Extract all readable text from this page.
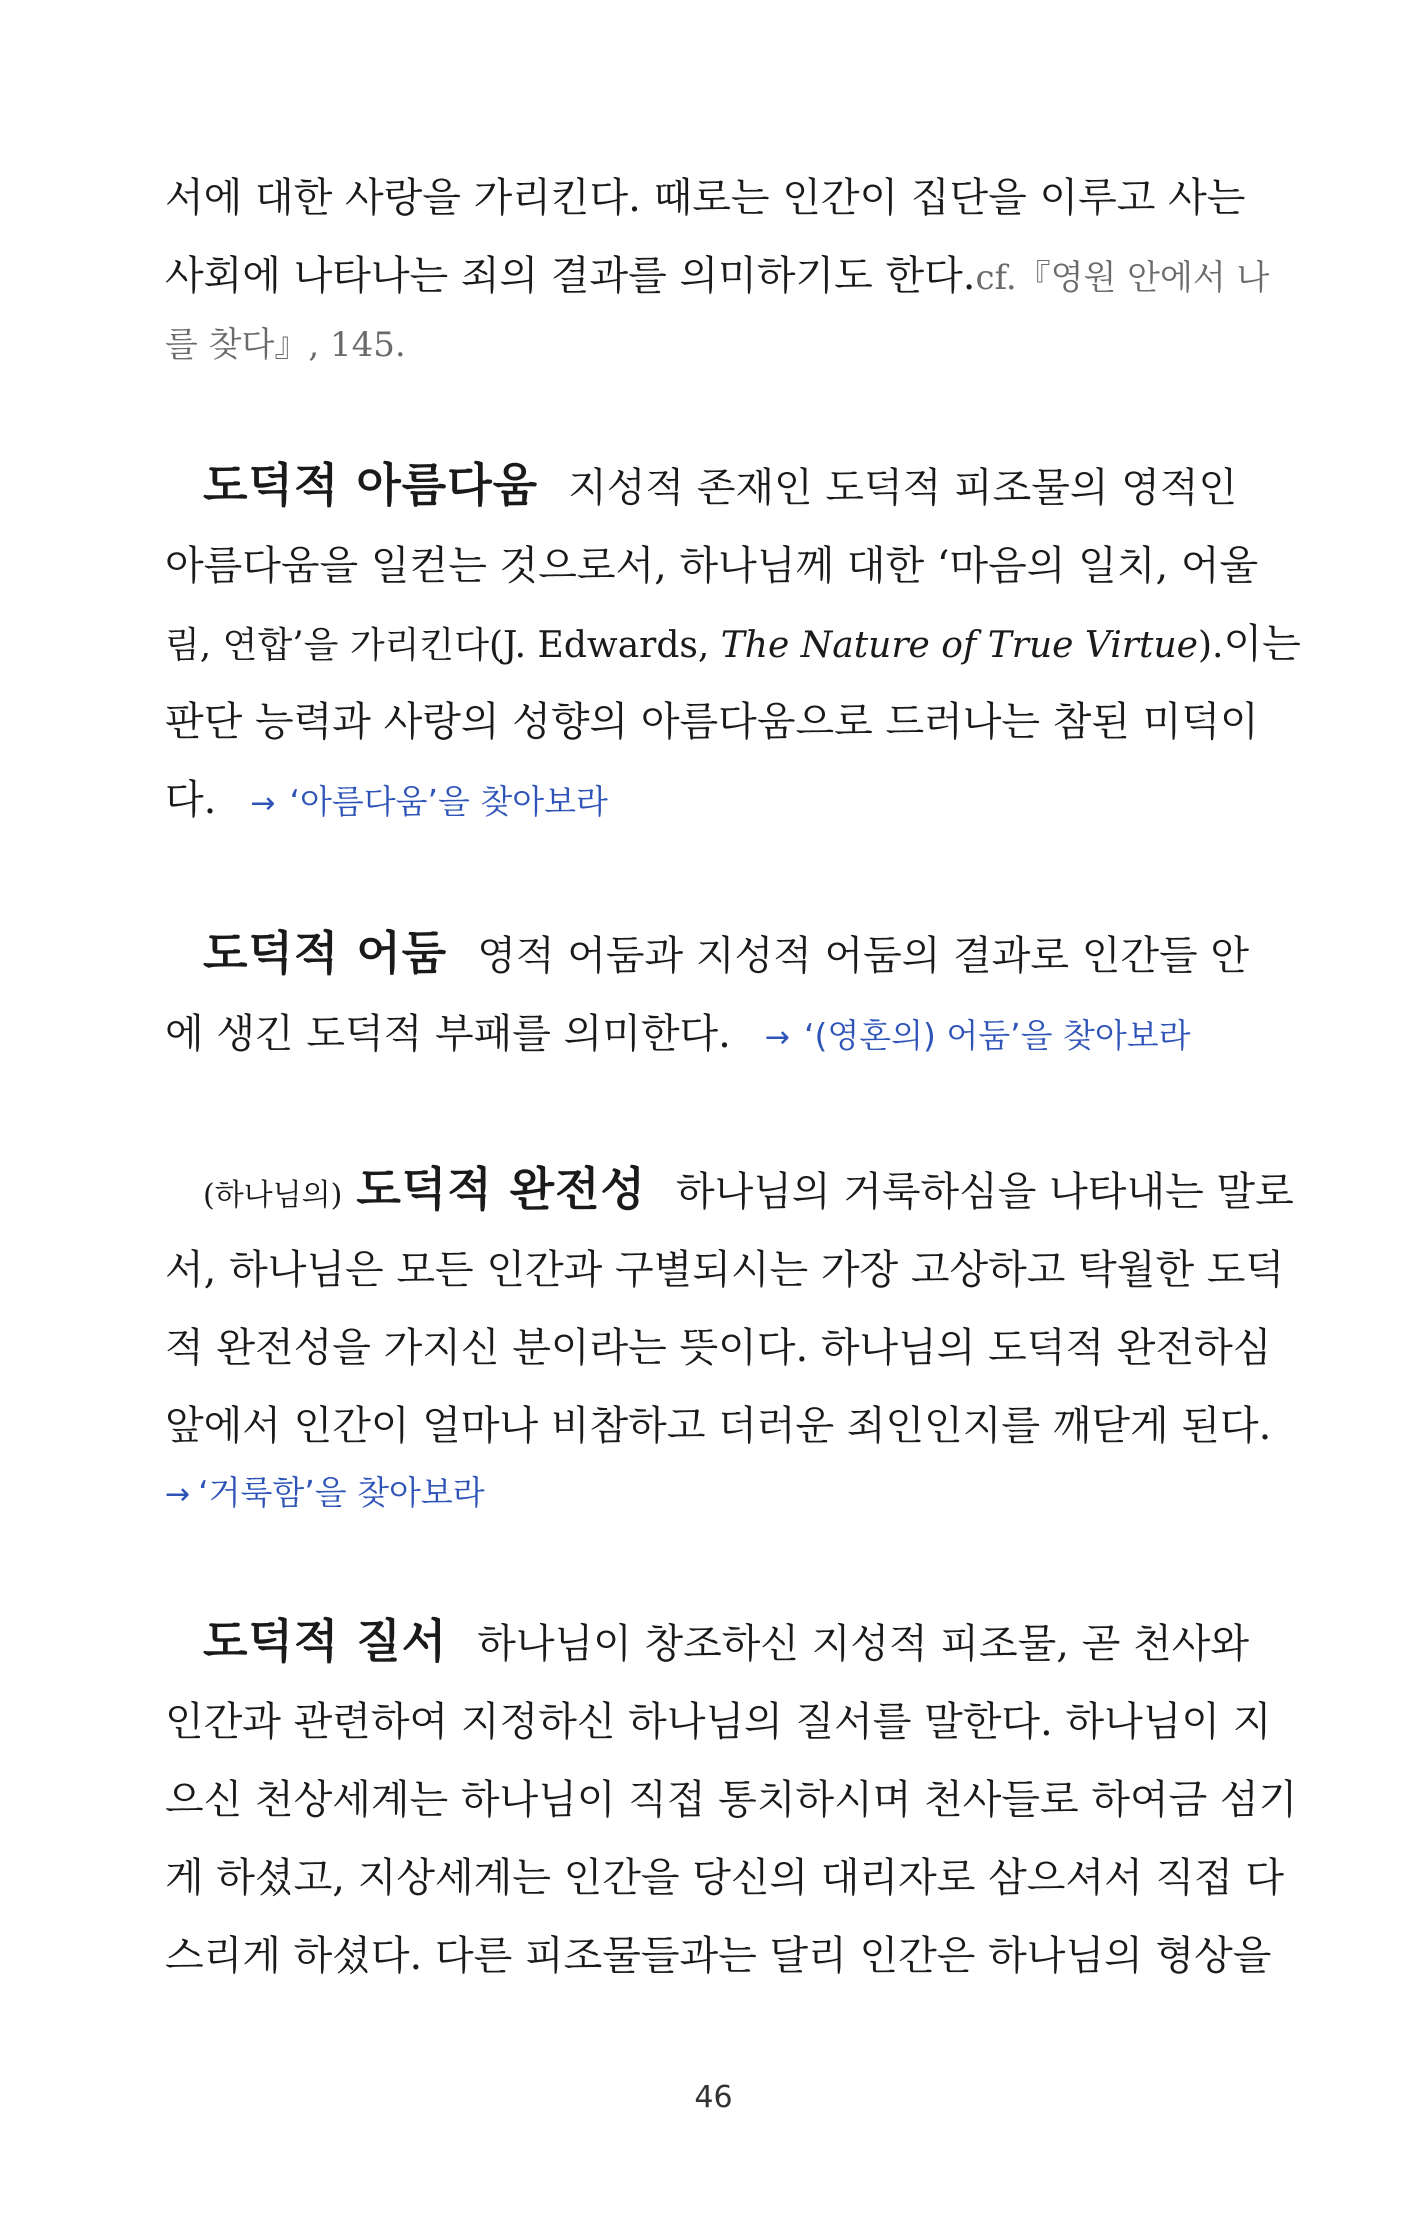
서에 대한 사랑을 가리킨다. 때로는 인간이 집단을 이루고 사는
사회에 나타나는 죄의 결과를 의미하기도 한다. cf.『영원 안에서 나
를 찾다』, 145.
도덕적 아름다움 지성적 존재인 도덕적 피조물의 영적인
아름다움을 일컫는 것으로서, 하나님께 대한 ‘마음의 일치, 어울
림, 연합’을 가리킨다(J. Edwards, The Nature of True Virtue). 이는
판단 능력과 사랑의 성향의 아름다움으로 드러나는 참된 미덕이
다. → ‘아름다움’을 찾아보라
도덕적 어둠 영적 어둠과 지성적 어둠의 결과로 인간들 안
에 생긴 도덕적 부패를 의미한다. → ‘(영혼의) 어둠’을 찾아보라
(하나님의) 도덕적 완전성 하나님의 거룩하심을 나타내는 말로
서, 하나님은 모든 인간과 구별되시는 가장 고상하고 탁월한 도덕
적 완전성을 가지신 분이라는 뜻이다. 하나님의 도덕적 완전하심
앞에서 인간이 얼마나 비참하고 더러운 죄인인지를 깨닫게 된다.
→ ‘거룩함’을 찾아보라
도덕적 질서 하나님이 창조하신 지성적 피조물, 곧 천사와
인간과 관련하여 지정하신 하나님의 질서를 말한다. 하나님이 지
으신 천상세계는 하나님이 직접 통치하시며 천사들로 하여금 섬기
게 하셨고, 지상세계는 인간을 당신의 대리자로 삼으셔서 직접 다
스리게 하셨다. 다른 피조물들과는 달리 인간은 하나님의 형상을
46
